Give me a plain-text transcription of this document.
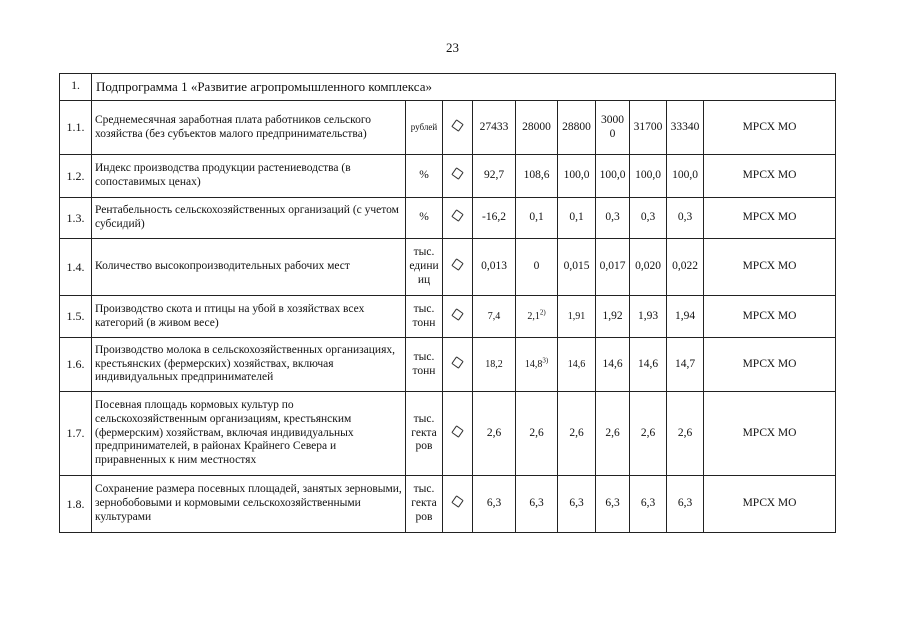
23
1.	Подпрограмма 1 «Развитие агропромышленного комплекса»									
1.1.	Среднемесячная заработная плата работников сельского хозяйства (без субъектов малого предпринимательства)	рублей		27433	28000	28800	3000 0	31700	33340	МРСХ МО
1.2.	Индекс производства продукции растениеводства (в сопоставимых ценах)	%		92,7	108,6	100,0	100,0	100,0	100,0	МРСХ МО
1.3.	Рентабельность сельскохозяйственных организаций (с учетом субсидий)	%		-16,2	0,1	0,1	0,3	0,3	0,3	МРСХ МО
1.4.	Количество высокопроизводительных рабочих мест	тыс. едини иц		0,013	0	0,015	0,017	0,020	0,022	МРСХ МО
1.5.	Производство скота и птицы на убой в хозяйствах всех категорий (в живом весе)	тыс. тонн		7,4	2,1$^{2)}$	1,91	1,92	1,93	1,94	МРСХ МО
1.6.	Производство молока в сельскохозяйственных организациях, крестьянских (фермерских) хозяйствах, включая индивидуальных предпринимателей	тыс. тонн		18,2	14,8$^{3)}$	14,6	14,6	14,6	14,7	МРСХ МО
1.7.	Посевная площадь кормовых культур по сельскохозяйственным организациям, крестьянским (фермерским) хозяйствам, включая индивидуальных предпринимателей, в районах Крайнего Севера и приравненных к ним местностях	тыс. гекта ров		2,6	2,6	2,6	2,6	2,6	2,6	МРСХ МО
1.8.	Сохранение размера посевных площадей, занятых зерновыми, зернобобовыми и кормовыми сельскохозяйственными культурами	тыс. гекта ров		6,3	6,3	6,3	6,3	6,3	6,3	МРСХ МО
